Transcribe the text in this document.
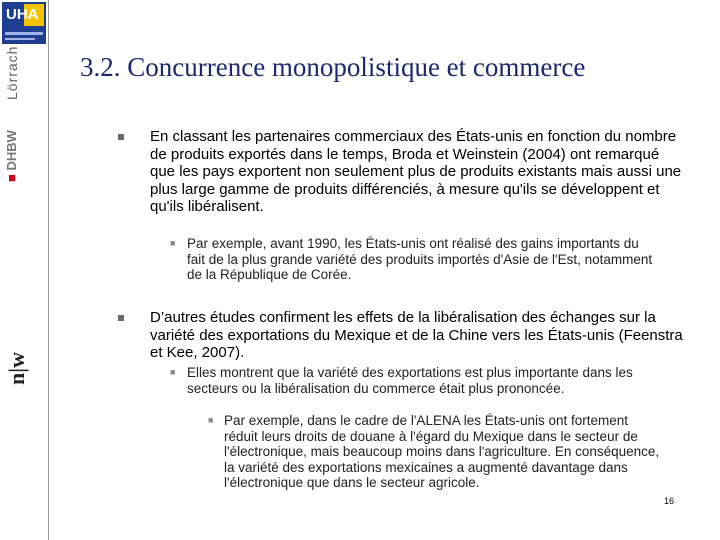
UHA
Lörrach
■ DHBW
n|w
3.2. Concurrence monopolistique et commerce
En classant les partenaires commerciaux des États-unis en fonction du nombre de produits exportés dans le temps, Broda et Weinstein (2004) ont remarqué que les pays exportent non seulement plus de produits existants mais aussi une plus large gamme de produits différenciés, à mesure qu'ils se développent et qu'ils libéralisent.
■ Par exemple, avant 1990, les États-unis ont réalisé des gains importants du fait de la plus grande variété des produits importés d'Asie de l'Est, notamment de la République de Corée.
D’autres études confirment les effets de la libéralisation des échanges sur la variété des exportations du Mexique et de la Chine vers les États-unis (Feenstra et Kee, 2007).
■ Elles montrent que la variété des exportations est plus importante dans les secteurs ou la libéralisation du commerce était plus prononcée.
■ Par exemple, dans le cadre de l'ALENA les États-unis ont fortement réduit leurs droits de douane à l'égard du Mexique dans le secteur de l'électronique, mais beaucoup moins dans l'agriculture. En conséquence, la variété des exportations mexicaines a augmenté davantage dans l'électronique que dans le secteur agricole.
16
